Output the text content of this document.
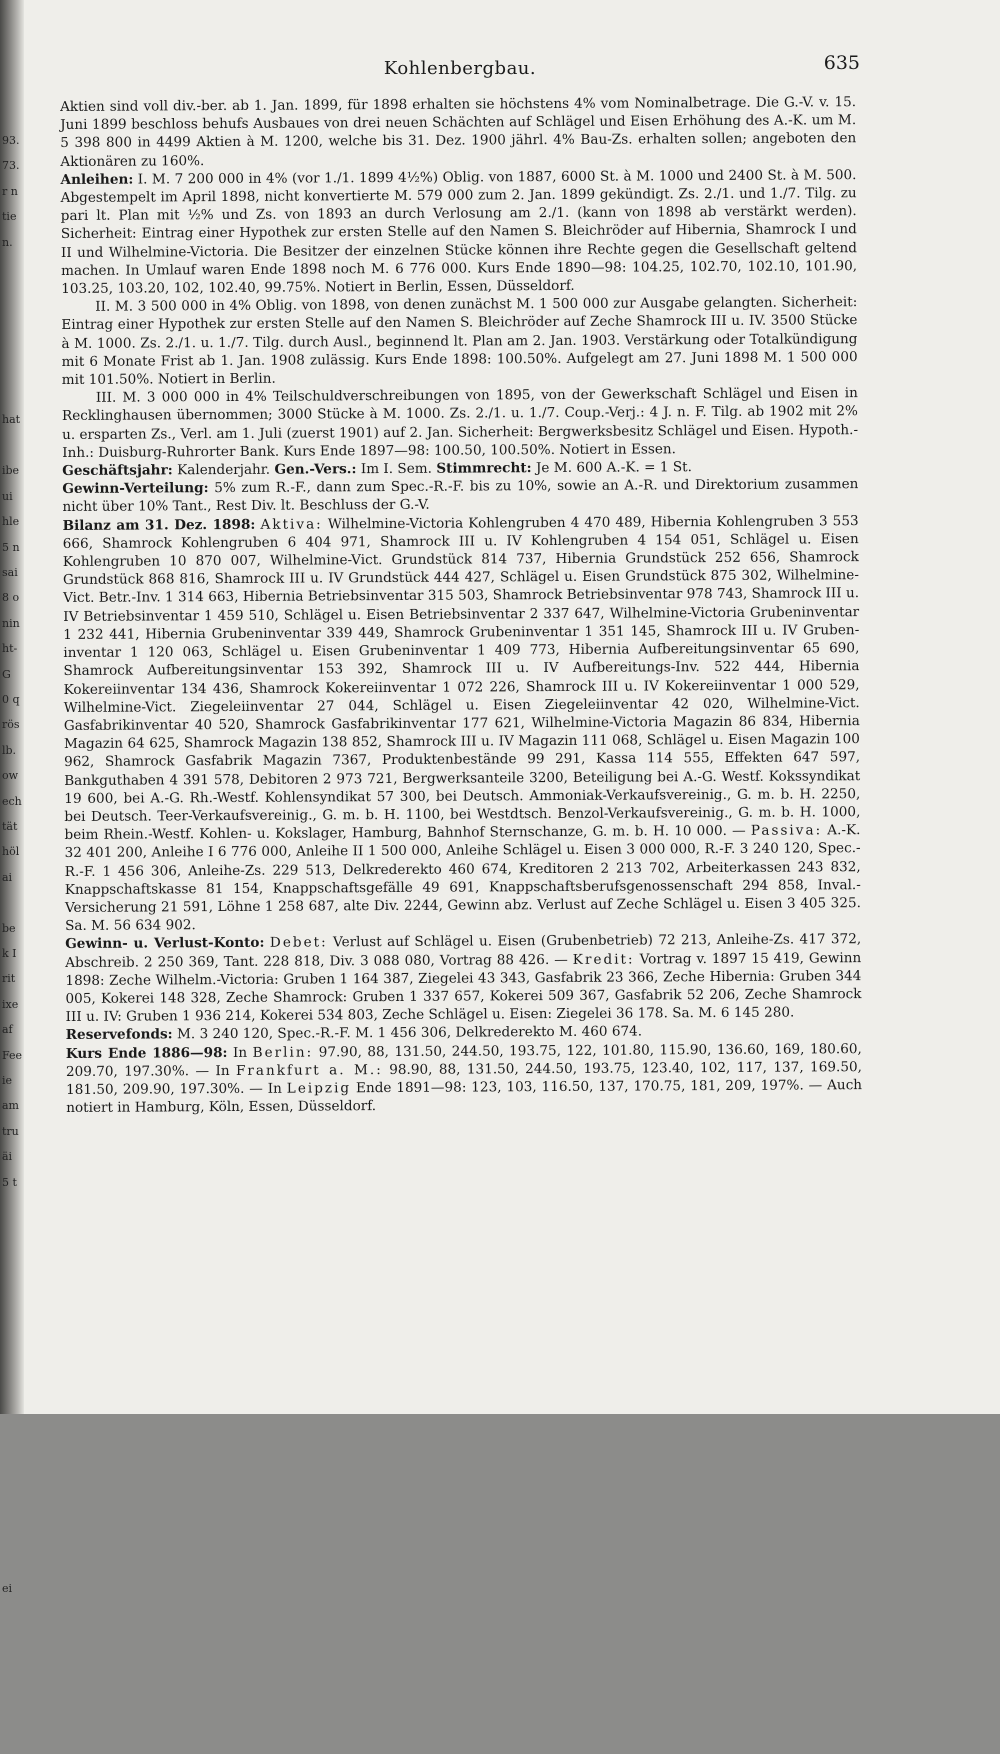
93.
73.
r n
tie
n.

hat

ibe
ui
hle
5 n
sai
8 o
nin
ht-
G
0 q
rös
lb.
ow
ech
tät
höl
ai

be
k I
rit
ixe
af
Fee
ie
am
tru
äi
5 t

ei

Kohlenbergbau.	635

Aktien sind voll div.-ber. ab 1. Jan. 1899, für 1898 erhalten sie höchstens 4% vom Nominalbetrage. Die G.-V. v. 15. Juni 1899 beschloss behufs Ausbaues von drei neuen Schächten auf Schlägel und Eisen Erhöhung des A.-K. um M. 5 398 800 in 4499 Aktien à M. 1200, welche bis 31. Dez. 1900 jährl. 4% Bau-Zs. erhalten sollen; angeboten den Aktionären zu 160%.

Anleihen: I. M. 7 200 000 in 4% (vor 1./1. 1899 4½%) Oblig. von 1887, 6000 St. à M. 1000 und 2400 St. à M. 500. Abgestempelt im April 1898, nicht konvertierte M. 579 000 zum 2. Jan. 1899 gekündigt. Zs. 2./1. und 1./7. Tilg. zu pari lt. Plan mit ½% und Zs. von 1893 an durch Verlosung am 2./1. (kann von 1898 ab verstärkt werden). Sicherheit: Eintrag einer Hypothek zur ersten Stelle auf den Namen S. Bleichröder auf Hibernia, Shamrock I und II und Wilhelmine-Victoria. Die Besitzer der einzelnen Stücke können ihre Rechte gegen die Gesellschaft geltend machen. In Umlauf waren Ende 1898 noch M. 6 776 000. Kurs Ende 1890—98: 104.25, 102.70, 102.10, 101.90, 103.25, 103.20, 102, 102.40, 99.75%. Notiert in Berlin, Essen, Düsseldorf.

II. M. 3 500 000 in 4% Oblig. von 1898, von denen zunächst M. 1 500 000 zur Ausgabe gelangten. Sicherheit: Eintrag einer Hypothek zur ersten Stelle auf den Namen S. Bleichröder auf Zeche Shamrock III u. IV. 3500 Stücke à M. 1000. Zs. 2./1. u. 1./7. Tilg. durch Ausl., beginnend lt. Plan am 2. Jan. 1903. Verstärkung oder Totalkündigung mit 6 Monate Frist ab 1. Jan. 1908 zulässig. Kurs Ende 1898: 100.50%. Aufgelegt am 27. Juni 1898 M. 1 500 000 mit 101.50%. Notiert in Berlin.

III. M. 3 000 000 in 4% Teilschuldverschreibungen von 1895, von der Gewerkschaft Schlägel und Eisen in Recklinghausen übernommen; 3000 Stücke à M. 1000. Zs. 2./1. u. 1./7. Coup.-Verj.: 4 J. n. F. Tilg. ab 1902 mit 2% u. ersparten Zs., Verl. am 1. Juli (zuerst 1901) auf 2. Jan. Sicherheit: Bergwerksbesitz Schlägel und Eisen. Hypoth.-Inh.: Duisburg-Ruhrorter Bank. Kurs Ende 1897—98: 100.50, 100.50%. Notiert in Essen.

Geschäftsjahr: Kalenderjahr. Gen.-Vers.: Im I. Sem. Stimmrecht: Je M. 600 A.-K. = 1 St.

Gewinn-Verteilung: 5% zum R.-F., dann zum Spec.-R.-F. bis zu 10%, sowie an A.-R. und Direktorium zusammen nicht über 10% Tant., Rest Div. lt. Beschluss der G.-V.

Bilanz am 31. Dez. 1898: Aktiva: Wilhelmine-Victoria Kohlengruben 4 470 489, Hibernia Kohlengruben 3 553 666, Shamrock Kohlengruben 6 404 971, Shamrock III u. IV Kohlengruben 4 154 051, Schlägel u. Eisen Kohlengruben 10 870 007, Wilhelmine-Vict. Grundstück 814 737, Hibernia Grundstück 252 656, Shamrock Grundstück 868 816, Shamrock III u. IV Grundstück 444 427, Schlägel u. Eisen Grundstück 875 302, Wilhelmine-Vict. Betr.-Inv. 1 314 663, Hibernia Betriebsinventar 315 503, Shamrock Betriebsinventar 978 743, Shamrock III u. IV Betriebsinventar 1 459 510, Schlägel u. Eisen Betriebsinventar 2 337 647, Wilhelmine-Victoria Grubeninventar 1 232 441, Hibernia Grubeninventar 339 449, Shamrock Grubeninventar 1 351 145, Shamrock III u. IV Grubeninventar 1 120 063, Schlägel u. Eisen Grubeninventar 1 409 773, Hibernia Aufbereitungsinventar 65 690, Shamrock Aufbereitungsinventar 153 392, Shamrock III u. IV Aufbereitungs-Inv. 522 444, Hibernia Kokereiinventar 134 436, Shamrock Kokereiinventar 1 072 226, Shamrock III u. IV Kokereiinventar 1 000 529, Wilhelmine-Vict. Ziegeleiinventar 27 044, Schlägel u. Eisen Ziegeleiinventar 42 020, Wilhelmine-Vict. Gasfabrikinventar 40 520, Shamrock Gasfabrikinventar 177 621, Wilhelmine-Victoria Magazin 86 834, Hibernia Magazin 64 625, Shamrock Magazin 138 852, Shamrock III u. IV Magazin 111 068, Schlägel u. Eisen Magazin 100 962, Shamrock Gasfabrik Magazin 7367, Produktenbestände 99 291, Kassa 114 555, Effekten 647 597, Bankguthaben 4 391 578, Debitoren 2 973 721, Bergwerksanteile 3200, Beteiligung bei A.-G. Westf. Kokssyndikat 19 600, bei A.-G. Rh.-Westf. Kohlensyndikat 57 300, bei Deutsch. Ammoniak-Verkaufsvereinig., G. m. b. H. 2250, bei Deutsch. Teer-Verkaufsvereinig., G. m. b. H. 1100, bei Westdtsch. Benzol-Verkaufsvereinig., G. m. b. H. 1000, beim Rhein.-Westf. Kohlen- u. Kokslager, Hamburg, Bahnhof Sternschanze, G. m. b. H. 10 000. — Passiva: A.-K. 32 401 200, Anleihe I 6 776 000, Anleihe II 1 500 000, Anleihe Schlägel u. Eisen 3 000 000, R.-F. 3 240 120, Spec.-R.-F. 1 456 306, Anleihe-Zs. 229 513, Delkrederekto 460 674, Kreditoren 2 213 702, Arbeiterkassen 243 832, Knappschaftskasse 81 154, Knappschaftsgefälle 49 691, Knappschaftsberufsgenossenschaft 294 858, Inval.-Versicherung 21 591, Löhne 1 258 687, alte Div. 2244, Gewinn abz. Verlust auf Zeche Schlägel u. Eisen 3 405 325. Sa. M. 56 634 902.

Gewinn- u. Verlust-Konto: Debet: Verlust auf Schlägel u. Eisen (Grubenbetrieb) 72 213, Anleihe-Zs. 417 372, Abschreib. 2 250 369, Tant. 228 818, Div. 3 088 080, Vortrag 88 426. — Kredit: Vortrag v. 1897 15 419, Gewinn 1898: Zeche Wilhelm.-Victoria: Gruben 1 164 387, Ziegelei 43 343, Gasfabrik 23 366, Zeche Hibernia: Gruben 344 005, Kokerei 148 328, Zeche Shamrock: Gruben 1 337 657, Kokerei 509 367, Gasfabrik 52 206, Zeche Shamrock III u. IV: Gruben 1 936 214, Kokerei 534 803, Zeche Schlägel u. Eisen: Ziegelei 36 178. Sa. M. 6 145 280.

Reservefonds: M. 3 240 120, Spec.-R.-F. M. 1 456 306, Delkrederekto M. 460 674.

Kurs Ende 1886—98: In Berlin: 97.90, 88, 131.50, 244.50, 193.75, 122, 101.80, 115.90, 136.60, 169, 180.60, 209.70, 197.30%. — In Frankfurt a. M.: 98.90, 88, 131.50, 244.50, 193.75, 123.40, 102, 117, 137, 169.50, 181.50, 209.90, 197.30%. — In Leipzig Ende 1891—98: 123, 103, 116.50, 137, 170.75, 181, 209, 197%. — Auch notiert in Hamburg, Köln, Essen, Düsseldorf.
